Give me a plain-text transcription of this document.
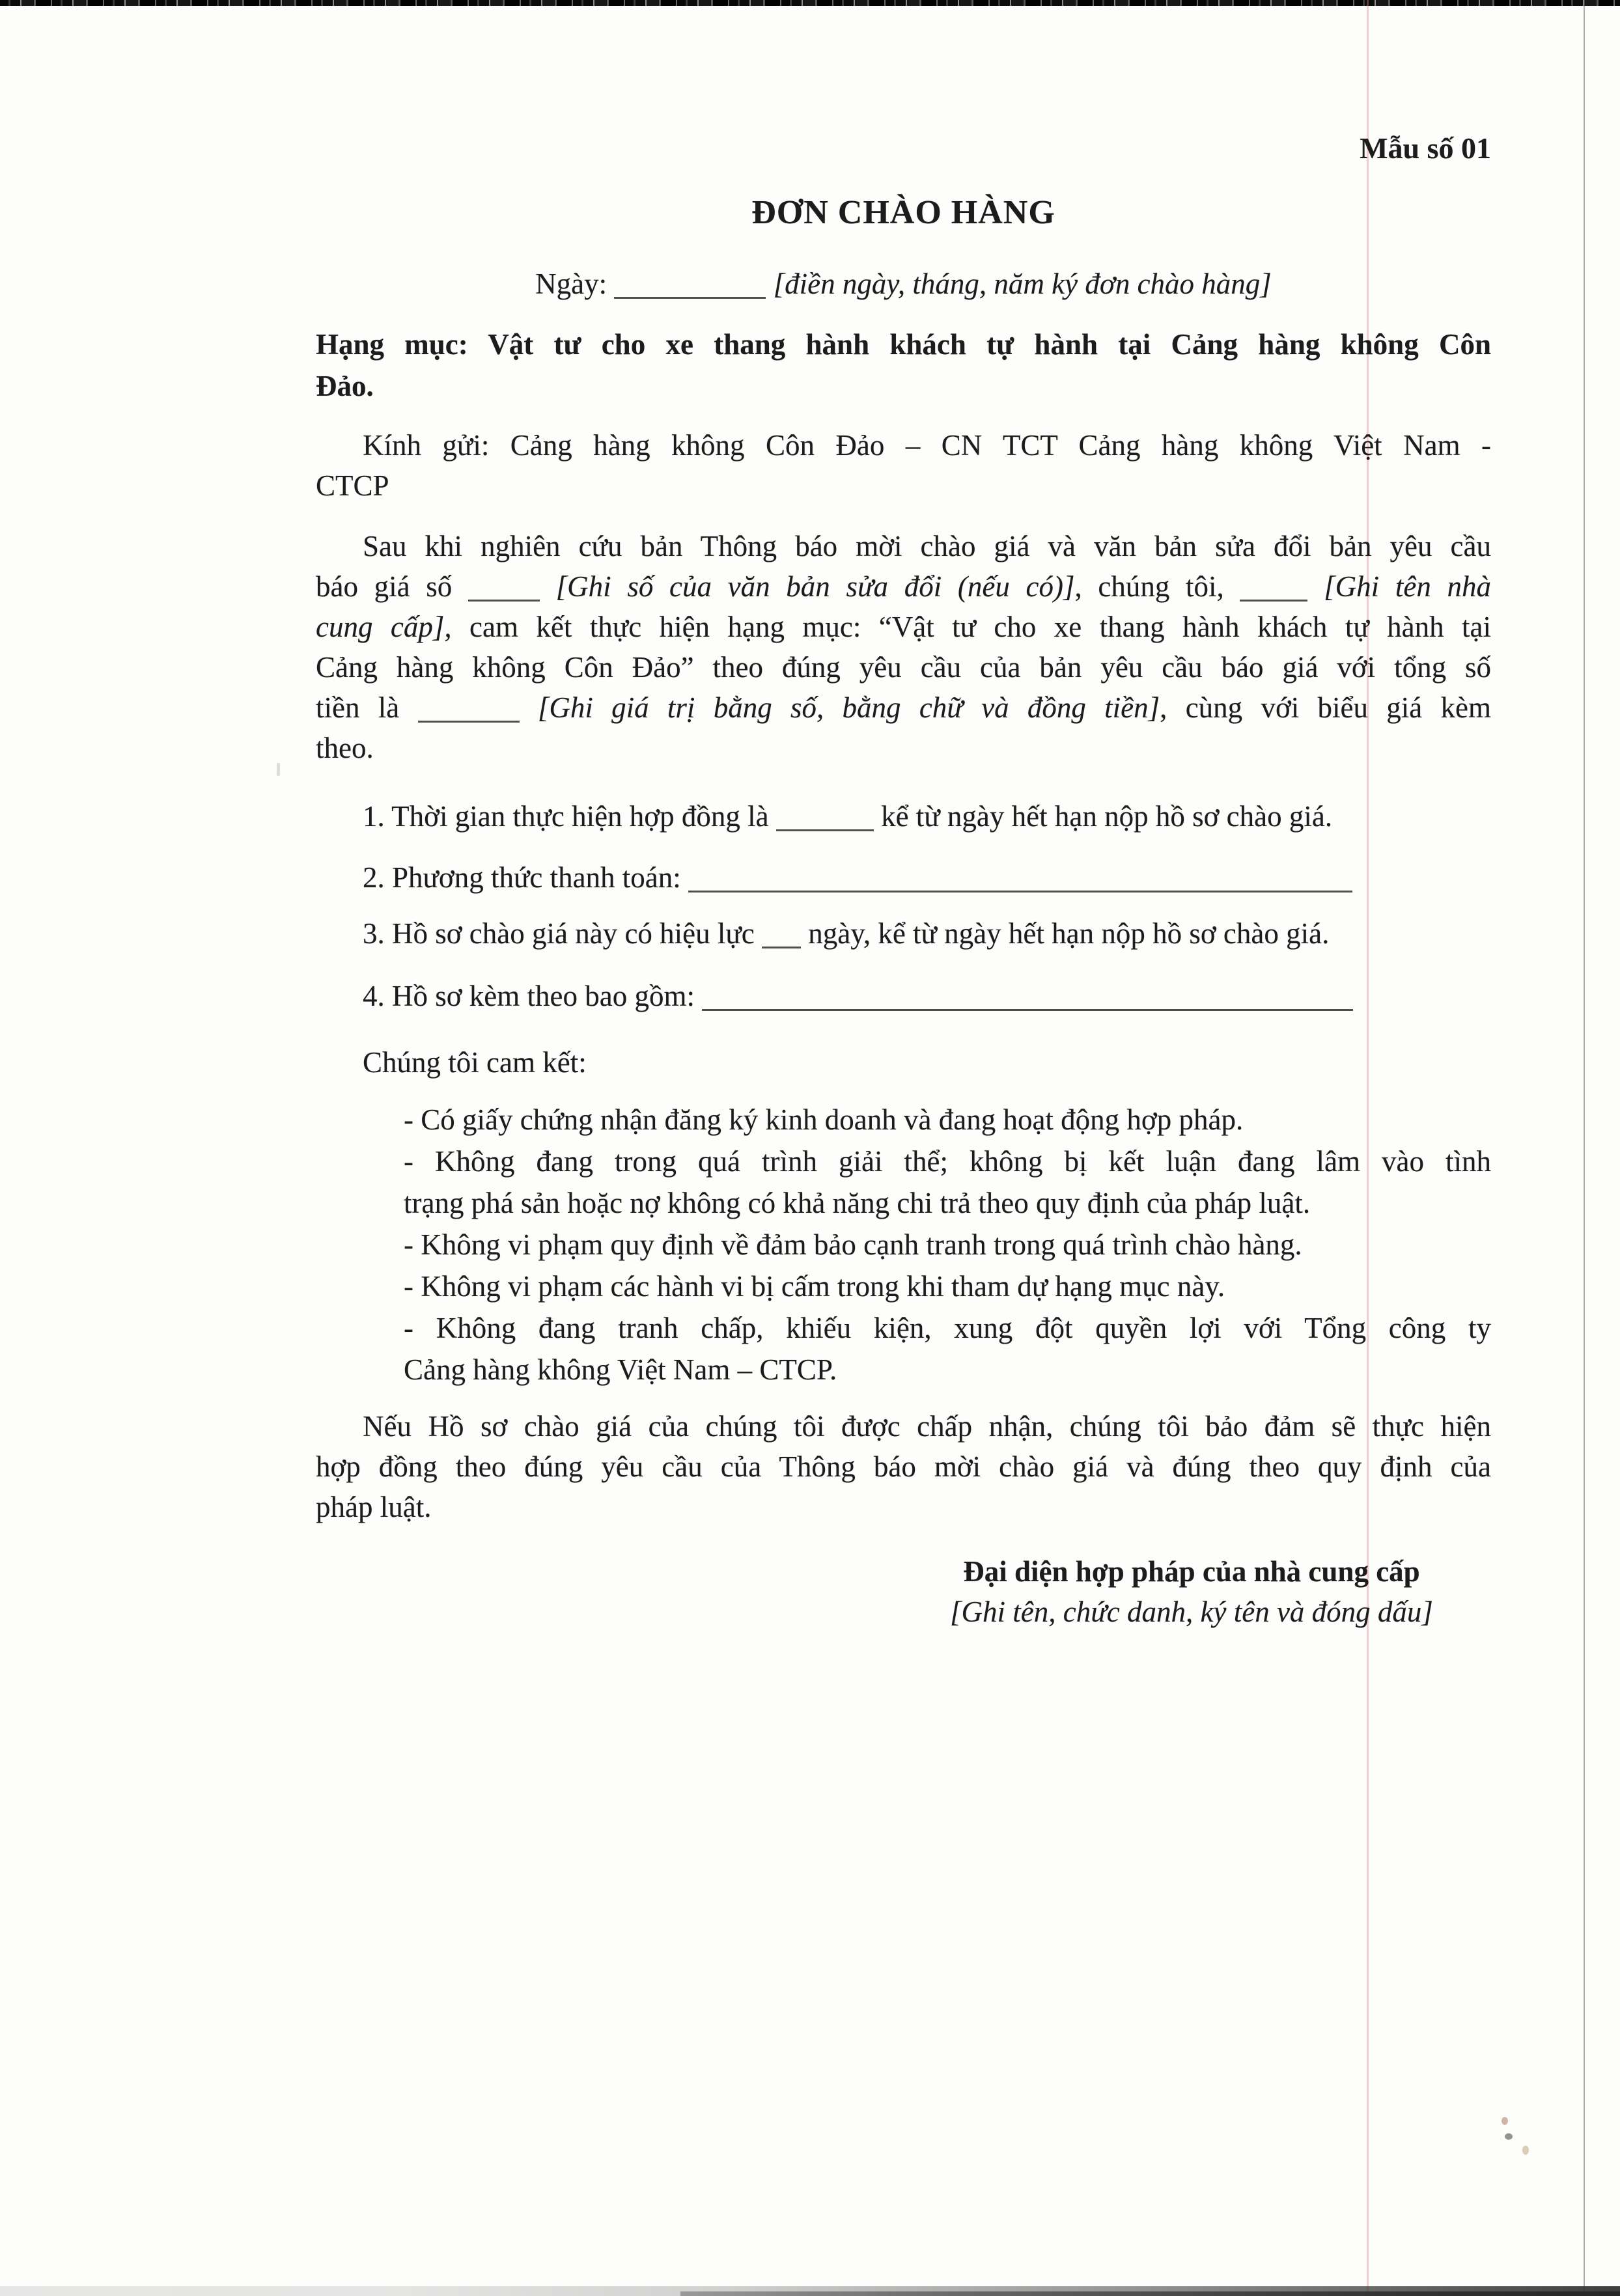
Mẫu số 01
ĐƠN CHÀO HÀNG
Ngày:	[điền ngày, tháng, năm ký đơn chào hàng]
Hạng mục: Vật tư cho xe thang hành khách tự hành tại Cảng hàng không Côn
Đảo.
Kính gửi: Cảng hàng không Côn Đảo – CN TCT Cảng hàng không Việt Nam -
CTCP
Sau khi nghiên cứu bản Thông báo mời chào giá và văn bản sửa đổi bản yêu cầu
báo giá số	[Ghi số của văn bản sửa đổi (nếu có)], chúng tôi,	[Ghi tên nhà
cung cấp], cam kết thực hiện hạng mục: “Vật tư cho xe thang hành khách tự hành tại
Cảng hàng không Côn Đảo” theo đúng yêu cầu của bản yêu cầu báo giá với tổng số
tiền là	[Ghi giá trị bằng số, bằng chữ và đồng tiền], cùng với biểu giá kèm
theo.
1. Thời gian thực hiện hợp đồng là	kể từ ngày hết hạn nộp hồ sơ chào giá.
2. Phương thức thanh toán:
3. Hồ sơ chào giá này có hiệu lực ngày, kể từ ngày hết hạn nộp hồ sơ chào giá.
4. Hồ sơ kèm theo bao gồm:
Chúng tôi cam kết:
- Có giấy chứng nhận đăng ký kinh doanh và đang hoạt động hợp pháp.
- Không đang trong quá trình giải thể; không bị kết luận đang lâm vào tình
trạng phá sản hoặc nợ không có khả năng chi trả theo quy định của pháp luật.
- Không vi phạm quy định về đảm bảo cạnh tranh trong quá trình chào hàng.
- Không vi phạm các hành vi bị cấm trong khi tham dự hạng mục này.
- Không đang tranh chấp, khiếu kiện, xung đột quyền lợi với Tổng công ty
Cảng hàng không Việt Nam – CTCP.
Nếu Hồ sơ chào giá của chúng tôi được chấp nhận, chúng tôi bảo đảm sẽ thực hiện
hợp đồng theo đúng yêu cầu của Thông báo mời chào giá và đúng theo quy định của
pháp luật.
Đại diện hợp pháp của nhà cung cấp
[Ghi tên, chức danh, ký tên và đóng dấu]
